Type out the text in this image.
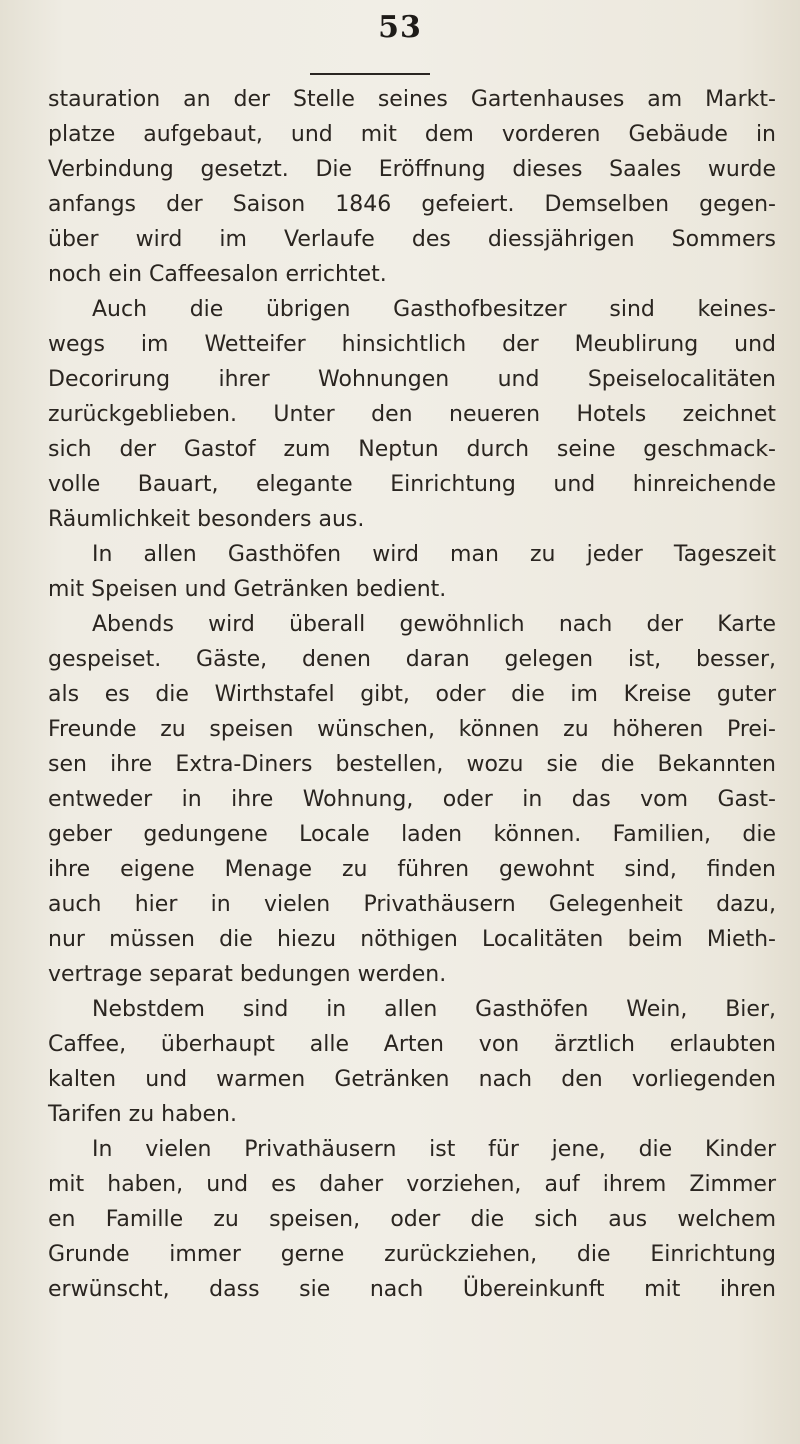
53
stauration an der Stelle seines Gartenhauses am Markt-
platze aufgebaut, und mit dem vorderen Gebäude in
Verbindung gesetzt. Die Eröffnung dieses Saales wurde
anfangs der Saison 1846 gefeiert. Demselben gegen-
über wird im Verlaufe des diessjährigen Sommers
noch ein Caffeesalon errichtet.
Auch die übrigen Gasthofbesitzer sind keines-
wegs im Wetteifer hinsichtlich der Meublirung und
Decorirung ihrer Wohnungen und Speiselocalitäten
zurückgeblieben. Unter den neueren Hotels zeichnet
sich der Gastof zum Neptun durch seine geschmack-
volle Bauart, elegante Einrichtung und hinreichende
Räumlichkeit besonders aus.
In allen Gasthöfen wird man zu jeder Tageszeit
mit Speisen und Getränken bedient.
Abends wird überall gewöhnlich nach der Karte
gespeiset. Gäste, denen daran gelegen ist, besser,
als es die Wirthstafel gibt, oder die im Kreise guter
Freunde zu speisen wünschen, können zu höheren Prei-
sen ihre Extra-Diners bestellen, wozu sie die Bekannten
entweder in ihre Wohnung, oder in das vom Gast-
geber gedungene Locale laden können. Familien, die
ihre eigene Menage zu führen gewohnt sind, finden
auch hier in vielen Privathäusern Gelegenheit dazu,
nur müssen die hiezu nöthigen Localitäten beim Mieth-
vertrage separat bedungen werden.
Nebstdem sind in allen Gasthöfen Wein, Bier,
Caffee, überhaupt alle Arten von ärztlich erlaubten
kalten und warmen Getränken nach den vorliegenden
Tarifen zu haben.
In vielen Privathäusern ist für jene, die Kinder
mit haben, und es daher vorziehen, auf ihrem Zimmer
en Famille zu speisen, oder die sich aus welchem
Grunde immer gerne zurückziehen, die Einrichtung
erwünscht, dass sie nach Übereinkunft mit ihren
